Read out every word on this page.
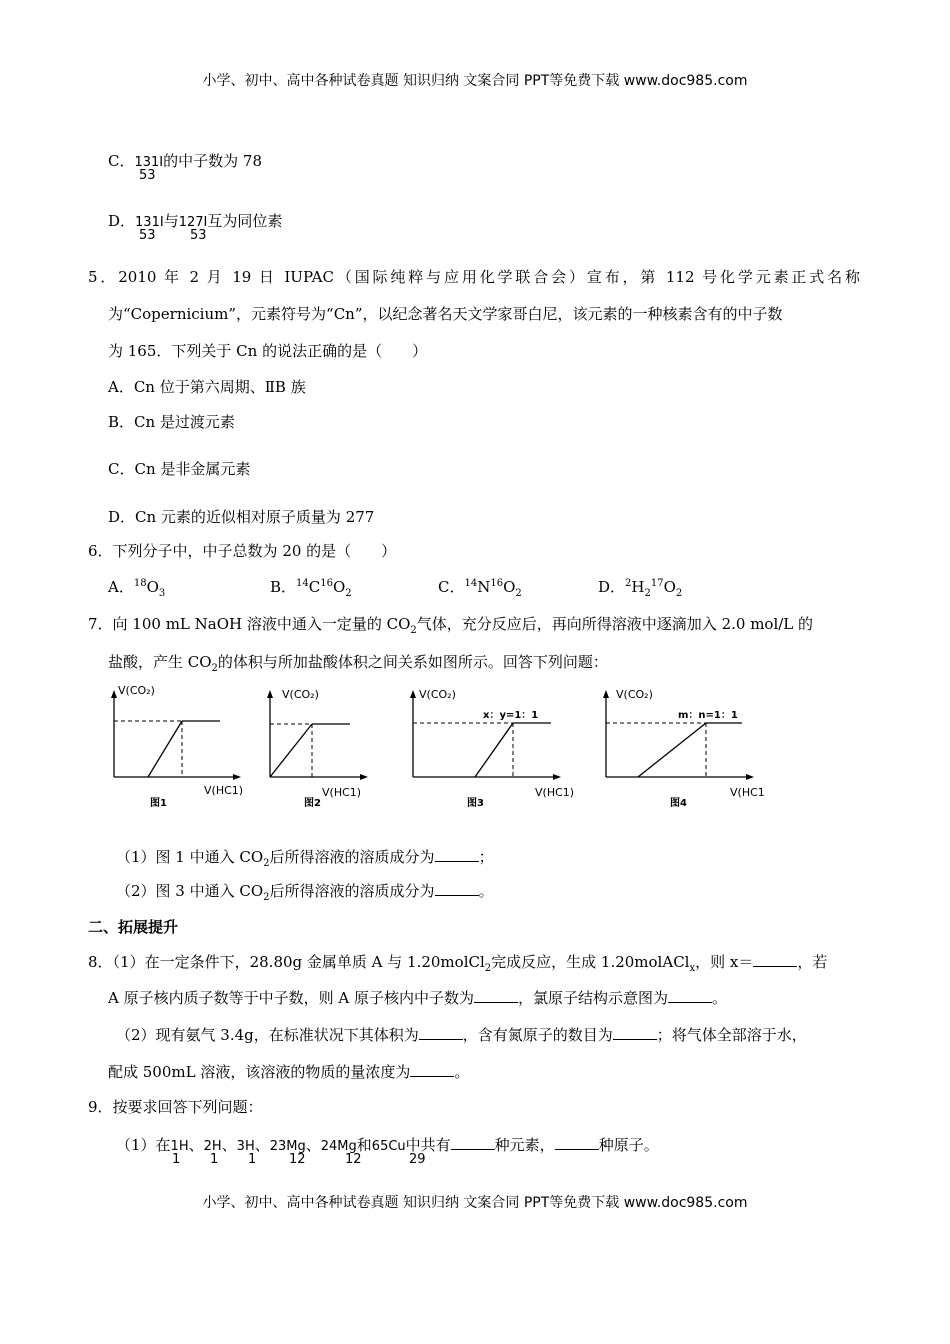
小学、初中、高中各种试卷真题 知识归纳 文案合同 PPT等免费下载 www.doc985.com
C．131I的中子数为 78
53
D．131I与127I互为同位素
53	53
5．2010 年 2 月 19 日 IUPAC（国际纯粹与应用化学联合会）宣布，第 112 号化学元素正式名称
为“Copernicium”，元素符号为“Cn”，以纪念著名天文学家哥白尼，该元素的一种核素含有的中子数
为 165．下列关于 Cn 的说法正确的是（　　）
A．Cn 位于第六周期、ⅡB 族
B．Cn 是过渡元素
C．Cn 是非金属元素
D．Cn 元素的近似相对原子质量为 277
6．下列分子中，中子总数为 20 的是（　　）
A．$^{18}O_3$	B．$^{14}C^{16}O_2$	C．$^{14}N^{16}O_2$	D．$^2H_2^{17}O_2$
7．向 100 mL NaOH 溶液中通入一定量的 $CO_2$气体，充分反应后，再向所得溶液中逐滴加入 2.0 mol/L 的
盐酸，产生 $CO_2$的体积与所加盐酸体积之间关系如图所示。回答下列问题：
V(CO₂)
V(HC1)
图1
V(CO₂)
V(HC1)
图2
V(CO₂)
x：y=1：1
V(HC1)
图3
V(CO₂)
m：n=1：1
V(HC1
图4
（1）图 1 中通入 $CO_2$后所得溶液的溶质成分为	；
（2）图 3 中通入 $CO_2$后所得溶液的溶质成分为	。
二、拓展提升
8．（1）在一定条件下，28.80g 金属单质 A 与 1.20molCl$_2$完成反应，生成 1.20molACl$_x$，则 x＝	，若
A 原子核内质子数等于中子数，则 A 原子核内中子数为	，氯原子结构示意图为	。
（2）现有氨气 3.4g，在标准状况下其体积为	，含有氮原子的数目为	；将气体全部溶于水，
配成 500mL 溶液，该溶液的物质的量浓度为	。
9．按要求回答下列问题：
（1）在1H、2H、3H、23Mg、24Mg和65Cu中共有	种元素，	种原子。
1 1 1	12	12	29
小学、初中、高中各种试卷真题 知识归纳 文案合同 PPT等免费下载 www.doc985.com
